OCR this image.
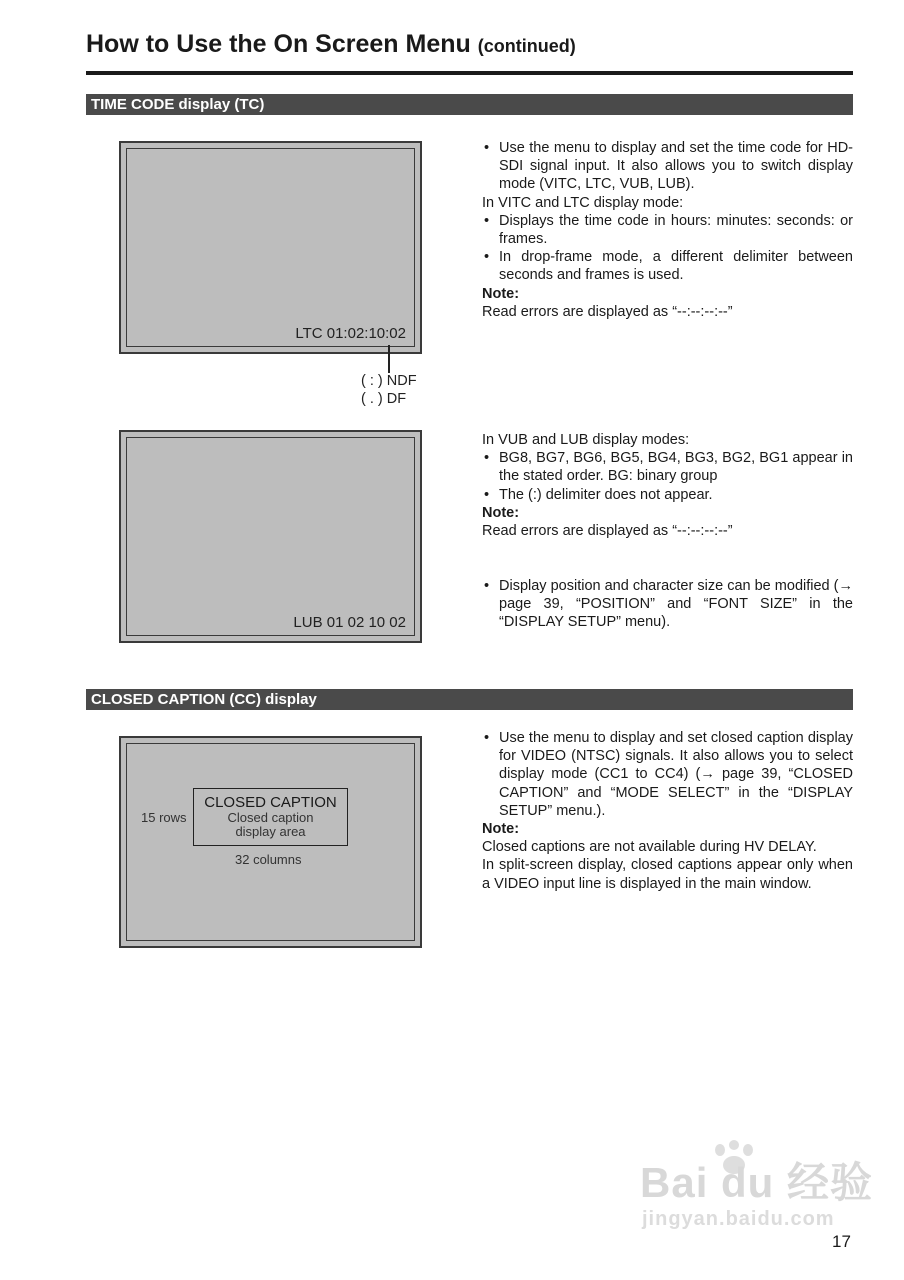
How to Use the On Screen Menu (continued)
TIME CODE display (TC)
LTC 01:02:10:02
( : ) NDF
( . ) DF
• Use the menu to display and set the time code for HD-SDI signal input. It also allows you to switch display mode (VITC, LTC, VUB, LUB).

In VITC and LTC display mode:

• Displays the time code in hours: minutes: seconds: or frames.
• In drop-frame mode, a different delimiter between seconds and frames is used.

Note:

Read errors are displayed as “--:--:--:--”

LUB 01 02 10 02

In VUB and LUB display modes:

• BG8, BG7, BG6, BG5, BG4, BG3, BG2, BG1 appear in the stated order. BG: binary group
• The (:) delimiter does not appear.

Note:

Read errors are displayed as “--:--:--:--”

• Display position and character size can be modified (→ page 39, “POSITION” and “FONT SIZE” in the “DISPLAY SETUP” menu).
CLOSED CAPTION (CC) display
CLOSED CAPTION
Closed caption
display area
15 rows
32 columns
• Use the menu to display and set closed caption display for VIDEO (NTSC) signals. It also allows you to select display mode (CC1 to CC4) (→ page 39, “CLOSED CAPTION” and “MODE SELECT” in the “DISPLAY SETUP” menu.).

Note:

Closed captions are not available during HV DELAY.

In split-screen display, closed captions appear only when a VIDEO input line is displayed in the main window.

Bai du 经验
jingyan.baidu.com
17
